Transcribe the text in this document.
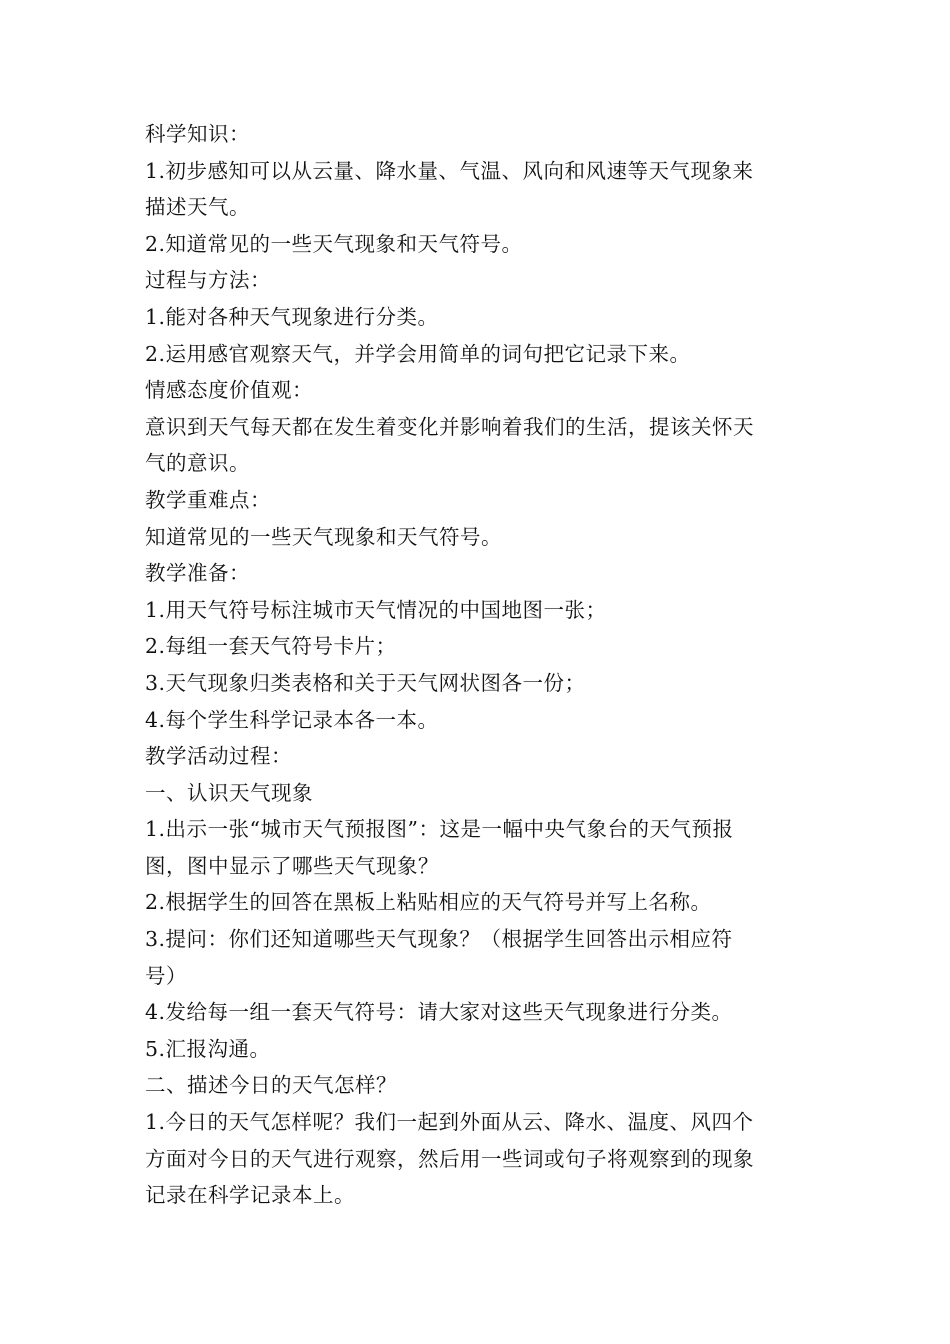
科学知识：

1.初步感知可以从云量、降水量、气温、风向和风速等天气现象来

描述天气。

2.知道常见的一些天气现象和天气符号。

过程与方法：

1.能对各种天气现象进行分类。

2.运用感官观察天气，并学会用简单的词句把它记录下来。

情感态度价值观：

意识到天气每天都在发生着变化并影响着我们的生活，提该关怀天

气的意识。

教学重难点：

知道常见的一些天气现象和天气符号。

教学准备：

1.用天气符号标注城市天气情况的中国地图一张；

2.每组一套天气符号卡片；

3.天气现象归类表格和关于天气网状图各一份；

4.每个学生科学记录本各一本。

教学活动过程：

一、认识天气现象

1.出示一张“城市天气预报图”：这是一幅中央气象台的天气预报

图，图中显示了哪些天气现象？

2.根据学生的回答在黑板上粘贴相应的天气符号并写上名称。

3.提问：你们还知道哪些天气现象？（根据学生回答出示相应符

号）

4.发给每一组一套天气符号：请大家对这些天气现象进行分类。

5.汇报沟通。

二、描述今日的天气怎样？

1.今日的天气怎样呢？我们一起到外面从云、降水、温度、风四个

方面对今日的天气进行观察，然后用一些词或句子将观察到的现象

记录在科学记录本上。
